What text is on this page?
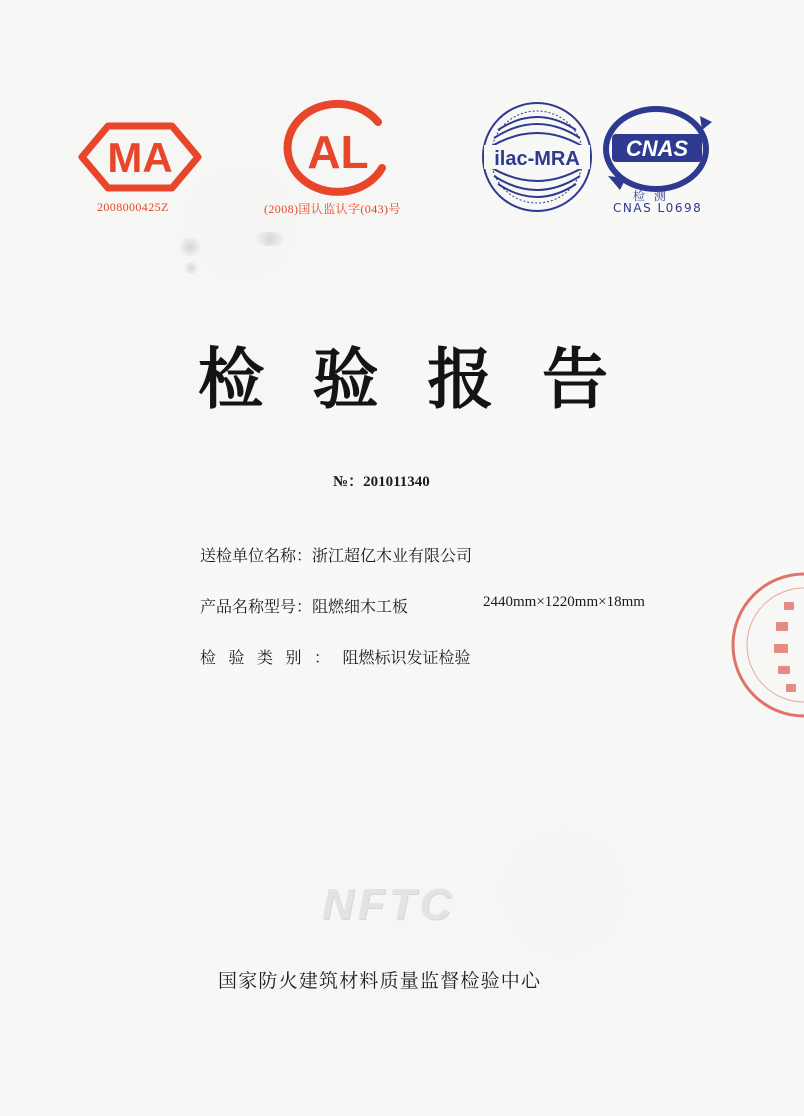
MA
2008000425Z
AL
(2008)国认监认字(043)号
ilac-MRA CNAS
检  测
CNAS L0698
检 验 报 告
№：201011340
送检单位名称：浙江超亿木业有限公司
产品名称型号：阻燃细木工板	2440mm×1220mm×18mm
检验类别：阻燃标识发证检验
NFTC
国家防火建筑材料质量监督检验中心
